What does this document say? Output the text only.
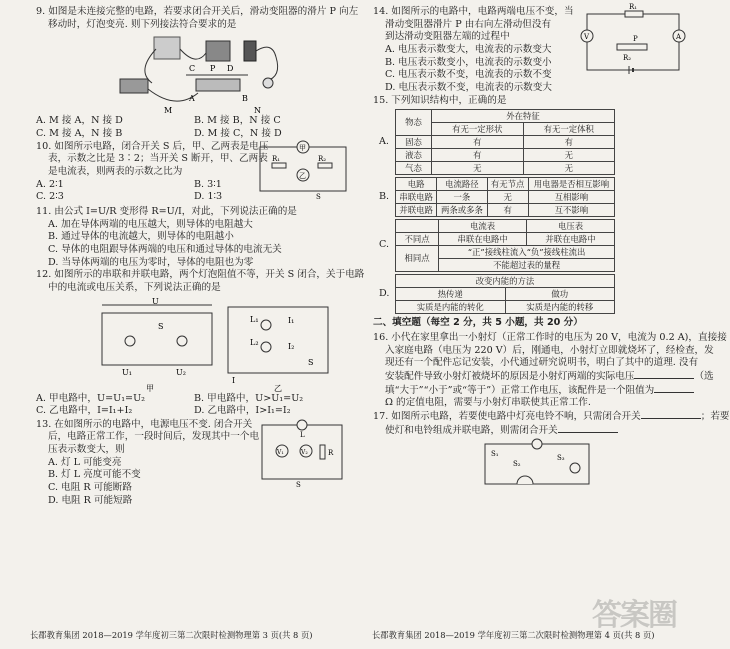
9. 如图是未连接完整的电路，若要求闭合开关后，滑动变阻器的滑片 P 向左

移动时，灯泡变亮. 则下列接法符合要求的是

C P D
A	B
M	N
A. M 接 A，N 接 D	B. M 接 B，N 接 C
C. M 接 A，N 接 B	D. M 接 C，N 接 D

10. 如图所示电路，闭合开关 S 后，甲、乙两表是电压

表，示数之比是 3∶2；当开关 S 断开，甲、乙两表

是电流表，则两表的示数之比为

甲
R₁	R₂
乙
S
A. 2∶1	B. 3∶1
C. 2∶3	D. 1∶3

11. 由公式 I=U/R 变形得 R=U/I，对此，下列说法正确的是

A. 加在导体两端的电压越大，则导体的电阻越大

B. 通过导体的电流越大，则导体的电阻越小

C. 导体的电阻跟导体两端的电压和通过导体的电流无关

D. 当导体两端的电压为零时，导体的电阻也为零

12. 如图所示的串联和并联电路，两个灯泡阻值不等，开关 S 闭合，关于电路

中的电流或电压关系，下列说法正确的是

U
S
U₁	U₂
甲
L₁
L₂
I₁
I₂
S
I
乙
A. 甲电路中，U=U₁=U₂	B. 甲电路中，U>U₁=U₂
C. 乙电路中，I=I₁+I₂	D. 乙电路中，I>I₁=I₂

13. 在如图所示的电路中，电源电压不变. 闭合开关

后，电路正常工作，一段时间后，发现其中一个电

压表示数变大，则

A. 灯 L 可能变亮

B. 灯 L 亮度可能不变

C. 电阻 R 可能断路

D. 电阻 R 可能短路

L
R
V₁	V₂
S
长郡教育集团 2018—2019 学年度初三第二次限时检测物理第 3 页(共 8 页)

14. 如图所示的电路中，电路两端电压不变，当

滑动变阻器滑片 P 由右向左滑动但没有

到达滑动变阻器左端的过程中

A. 电压表示数变大，电流表的示数变大

B. 电压表示数变小，电流表的示数变小

C. 电压表示数不变，电流表的示数不变

D. 电压表示数不变，电流表的示数变大

R₁
V	A
P
R₂

15. 下列知识结构中，正确的是

A.
物态	外在特征	
	有无一定形状	有无一定体积
固态	有	有
液态	有	无
气态	无	无
B.
电路	电流路径	有无节点	用电器是否相互影响
串联电路	一条	无	互相影响
并联电路	两条或多条	有	互不影响
C.
	电流表	电压表
不同点	串联在电路中	并联在电路中
相同点	“正”接线柱流入“负”接线柱流出	
	不能超过表的量程	
D.
改变内能的方法	
热传递	做功
实质是内能的转化	实质是内能的转移

二、填空题（每空 2 分，共 5 小题，共 20 分）

16. 小代在家里拿出一小射灯（正常工作时的电压为 20 V，电流为 0.2 A)，直接接

入家庭电路（电压为 220 V）后，刚通电，小射灯立即就烧坏了，经检查，发

现还有一个配件忘记安装，小代通过研究说明书，明白了其中的道理. 没有

安装配件导致小射灯被烧坏的原因是小射灯两端的实际电压	（选

填“大于”“小于”或“等于”）正常工作电压，该配件是一个阻值为

Ω 的定值电阻，需要与小射灯串联使其正常工作.

17. 如图所示电路，若要使电路中灯亮电铃不响，只需闭合开关	；若要

使灯和电铃组成并联电路，则需闭合开关

S₁
S₂
S₃
长郡教育集团 2018—2019 学年度初三第二次限时检测物理第 4 页(共 8 页)
答案圈
